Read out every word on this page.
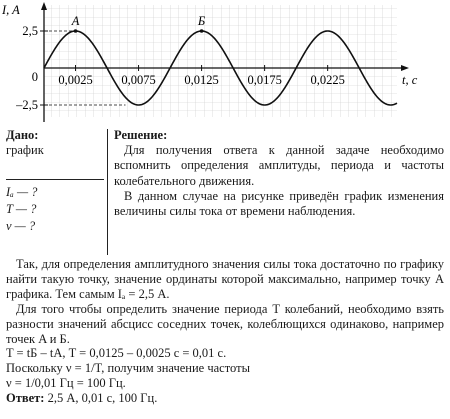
0,0025 0,0075 0,0125 0,0175 0,0225
2,5
0
–2,5
A	Б
I, A
t, с
Дано:
график
Iₐ — ?
T — ?
ν — ?
Решение:

Для получения ответа к данной задаче необходимо вспомнить определения амплитуды, периода и частоты колебательного движения.

В данном случае на рисунке приведён график изменения величины силы тока от времени наблюдения.

Так, для определения амплитудного значения силы тока достаточно по графику найти такую точку, значение ординаты которой максимально, например точку A графика. Тем самым Iₐ = 2,5 А.

Для того чтобы определить значение периода T колебаний, необходимо взять разности значений абсцисс соседних точек, колеблющихся одинаково, например точек A и Б.

T = tБ – tА, T = 0,0125 – 0,0025 с = 0,01 с.

Поскольку ν = 1/T, получим значение частоты

ν = 1/0,01 Гц = 100 Гц.

Ответ: 2,5 А, 0,01 с, 100 Гц.
